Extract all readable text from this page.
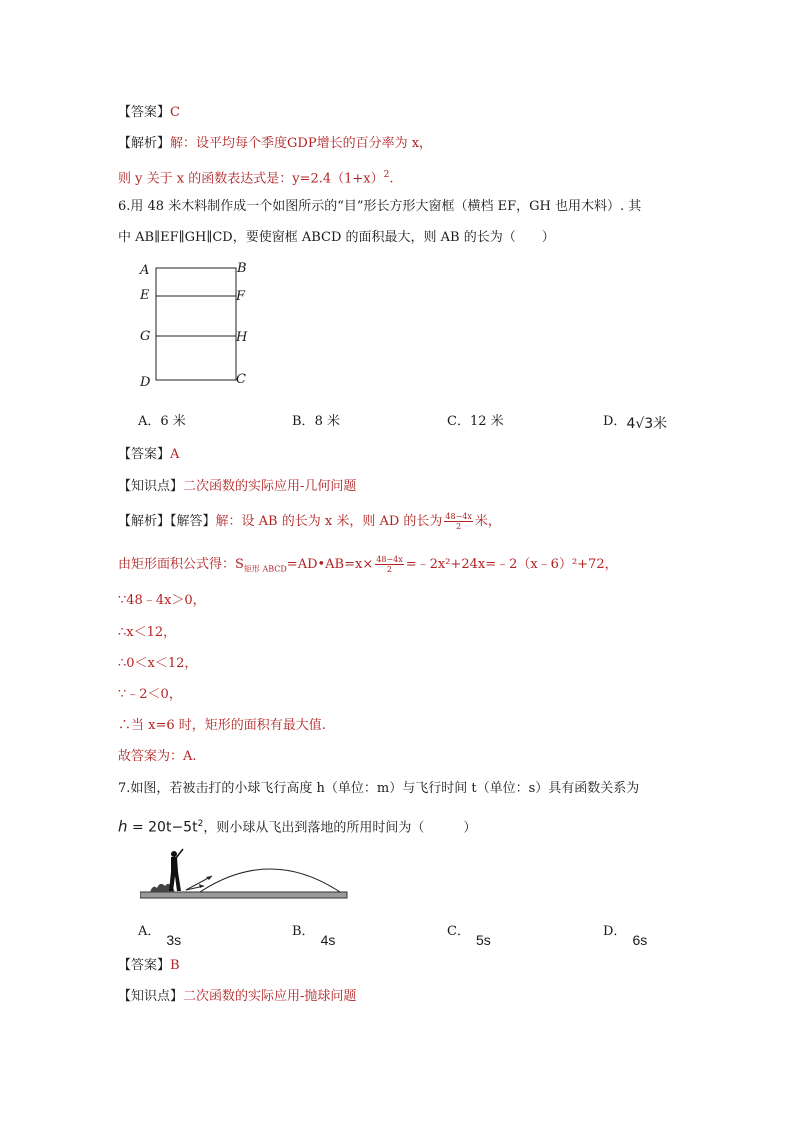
【答案】C
【解析】解：设平均每个季度GDP增长的百分率为 x，
则 y 关于 x 的函数表达式是：$y=2.4(1+x)^2$.
6.用 48 米木料制作成一个如图所示的“目”形长方形大窗框（横档 EF，GH 也用木料）. 其
中 AB∥EF∥GH∥CD，要使窗框 ABCD 的面积最大，则 AB 的长为（　　）
A	B
E	F
G	H
D	C
A．6 米	B．8 米	C．12 米	D．4√3米
【答案】A
【知识点】二次函数的实际应用-几何问题
【解析】【解答】解：设 AB 的长为 x 米，则 AD 的长为 $\frac{48-4x}{2}$ 米，
由矩形面积公式得：$S_{矩形 ABCD}=AD•AB=x\times \frac{48-4x}{2}$ =﹣2x²+24x=﹣2（x﹣6）²+72，
∵48﹣4x＞0，
∴x＜12，
∴0＜x＜12，
∵﹣2＜0，
∴当 x=6 时，矩形的面积有最大值.
故答案为：A.
7.如图，若被击打的小球飞行高度 h（单位：m）与飞行时间 t（单位：s）具有函数关系为
$h = 20t-5t^2$，则小球从飞出到落地的所用时间为（　　　）
A．3s
B．4s
C．5s
D．6s
【答案】B
【知识点】二次函数的实际应用-抛球问题
